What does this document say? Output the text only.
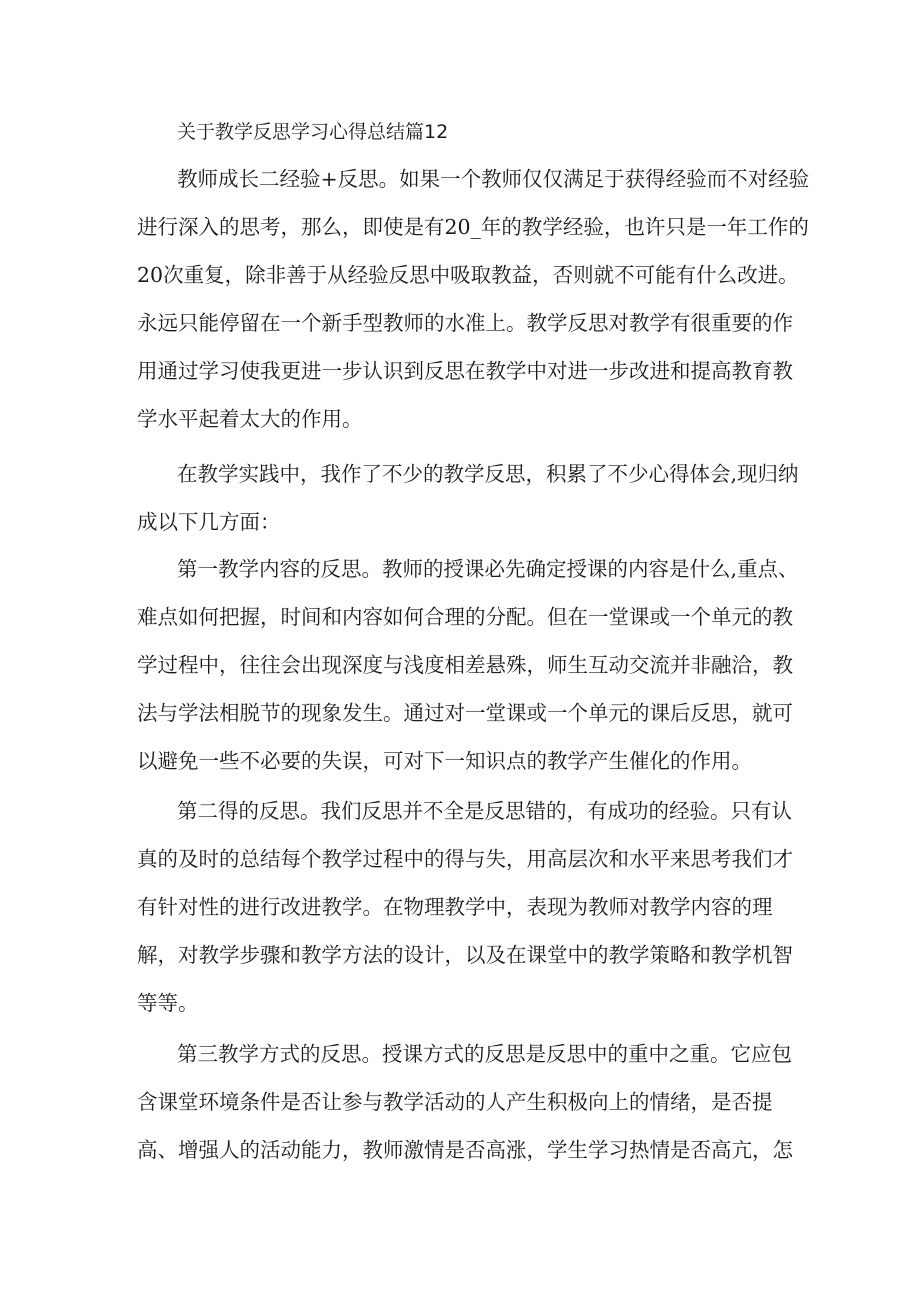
关于教学反思学习心得总结篇12
教师成长二经验+反思。如果一个教师仅仅满足于获得经验而不对经验
进行深入的思考，那么，即使是有20_年的教学经验，也许只是一年工作的
20次重复，除非善于从经验反思中吸取教益，否则就不可能有什么改进。
永远只能停留在一个新手型教师的水准上。教学反思对教学有很重要的作
用通过学习使我更进一步认识到反思在教学中对进一步改进和提高教育教
学水平起着太大的作用。
在教学实践中，我作了不少的教学反思，积累了不少心得体会,现归纳
成以下几方面：
第一教学内容的反思。教师的授课必先确定授课的内容是什么,重点、
难点如何把握，时间和内容如何合理的分配。但在一堂课或一个单元的教
学过程中，往往会出现深度与浅度相差悬殊，师生互动交流并非融洽，教
法与学法相脱节的现象发生。通过对一堂课或一个单元的课后反思，就可
以避免一些不必要的失误，可对下一知识点的教学产生催化的作用。
第二得的反思。我们反思并不全是反思错的，有成功的经验。只有认
真的及时的总结每个教学过程中的得与失，用高层次和水平来思考我们才
有针对性的进行改进教学。在物理教学中，表现为教师对教学内容的理
解，对教学步骤和教学方法的设计，以及在课堂中的教学策略和教学机智
等等。
第三教学方式的反思。授课方式的反思是反思中的重中之重。它应包
含课堂环境条件是否让参与教学活动的人产生积极向上的情绪，是否提
高、增强人的活动能力，教师激情是否高涨，学生学习热情是否高亢，怎
